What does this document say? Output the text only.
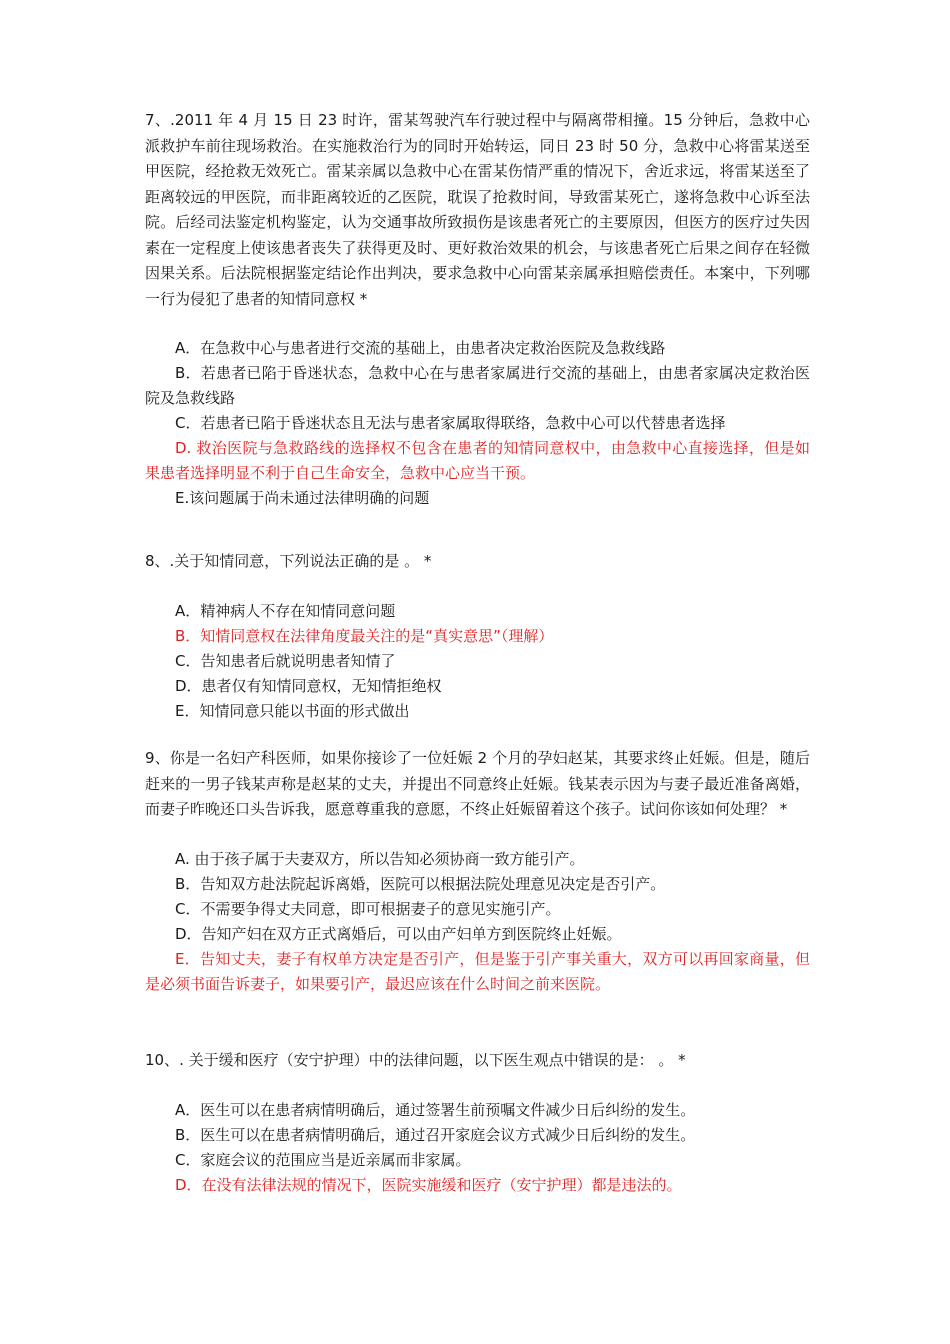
7、.2011 年 4 月 15 日 23 时许，雷某驾驶汽车行驶过程中与隔离带相撞。15 分钟后，急救中心派救护车前往现场救治。在实施救治行为的同时开始转运，同日 23 时 50 分，急救中心将雷某送至甲医院，经抢救无效死亡。雷某亲属以急救中心在雷某伤情严重的情况下，舍近求远，将雷某送至了距离较远的甲医院，而非距离较近的乙医院，耽误了抢救时间，导致雷某死亡，遂将急救中心诉至法院。后经司法鉴定机构鉴定，认为交通事故所致损伤是该患者死亡的主要原因，但医方的医疗过失因素在一定程度上使该患者丧失了获得更及时、更好救治效果的机会，与该患者死亡后果之间存在轻微因果关系。后法院根据鉴定结论作出判决，要求急救中心向雷某亲属承担赔偿责任。本案中，下列哪一行为侵犯了患者的知情同意权 *

A．在急救中心与患者进行交流的基础上，由患者决定救治医院及急救线路

B．若患者已陷于昏迷状态，急救中心在与患者家属进行交流的基础上，由患者家属决定救治医院及急救线路

C．若患者已陷于昏迷状态且无法与患者家属取得联络，急救中心可以代替患者选择

D. 救治医院与急救路线的选择权不包含在患者的知情同意权中，由急救中心直接选择，但是如果患者选择明显不利于自己生命安全，急救中心应当干预。

E.该问题属于尚未通过法律明确的问题

8、.关于知情同意，下列说法正确的是 。 *

A．精神病人不存在知情同意问题

B．知情同意权在法律角度最关注的是“真实意思”（理解）

C．告知患者后就说明患者知情了

D．患者仅有知情同意权，无知情拒绝权

E．知情同意只能以书面的形式做出

9、你是一名妇产科医师，如果你接诊了一位妊娠 2 个月的孕妇赵某，其要求终止妊娠。但是，随后赶来的一男子钱某声称是赵某的丈夫，并提出不同意终止妊娠。钱某表示因为与妻子最近准备离婚，而妻子昨晚还口头告诉我，愿意尊重我的意愿，不终止妊娠留着这个孩子。试问你该如何处理？ *

A. 由于孩子属于夫妻双方，所以告知必须协商一致方能引产。

B．告知双方赴法院起诉离婚，医院可以根据法院处理意见决定是否引产。

C．不需要争得丈夫同意，即可根据妻子的意见实施引产。

D．告知产妇在双方正式离婚后，可以由产妇单方到医院终止妊娠。

E．告知丈夫，妻子有权单方决定是否引产，但是鉴于引产事关重大，双方可以再回家商量，但是必须书面告诉妻子，如果要引产，最迟应该在什么时间之前来医院。

10、. 关于缓和医疗（安宁护理）中的法律问题，以下医生观点中错误的是： 。 *

A．医生可以在患者病情明确后，通过签署生前预嘱文件减少日后纠纷的发生。

B．医生可以在患者病情明确后，通过召开家庭会议方式减少日后纠纷的发生。

C．家庭会议的范围应当是近亲属而非家属。

D．在没有法律法规的情况下，医院实施缓和医疗（安宁护理）都是违法的。
